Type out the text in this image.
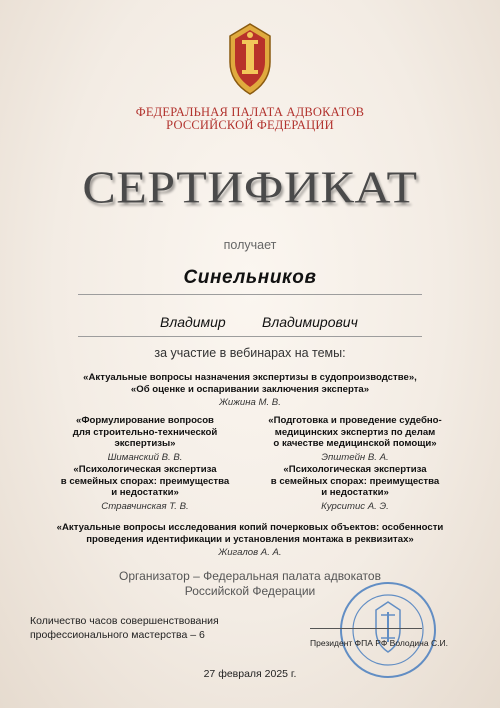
ФЕДЕРАЛЬНАЯ ПАЛАТА АДВОКАТОВ
РОССИЙСКОЙ ФЕДЕРАЦИИ
СЕРТИФИКАТ
получает
Синельников
Владимир	Владимирович
за участие в вебинарах на темы:
«Актуальные вопросы назначения экспертизы в судопроизводстве»,
«Об оценке и оспаривании заключения эксперта»
Жижина М. В.
«Формулирование вопросов
для строительно-технической
экспертизы»
Шиманский В. В.
«Подготовка и проведение судебно-
медицинских экспертиз по делам
о качестве медицинской помощи»
Эпштейн В. А.
«Психологическая экспертиза
в семейных спорах: преимущества
и недостатки»
Стравчинская Т. В.
«Психологическая экспертиза
в семейных спорах: преимущества
и недостатки»
Курситис А. Э.
«Актуальные вопросы исследования копий почерковых объектов: особенности
проведения идентификации и установления монтажа в реквизитах»
Жигалов А. А.
Организатор – Федеральная палата адвокатов
Российской Федерации
Количество часов совершенствования
профессионального мастерства – 6
Президент ФПА РФ Володина С.И.
27 февраля 2025 г.
